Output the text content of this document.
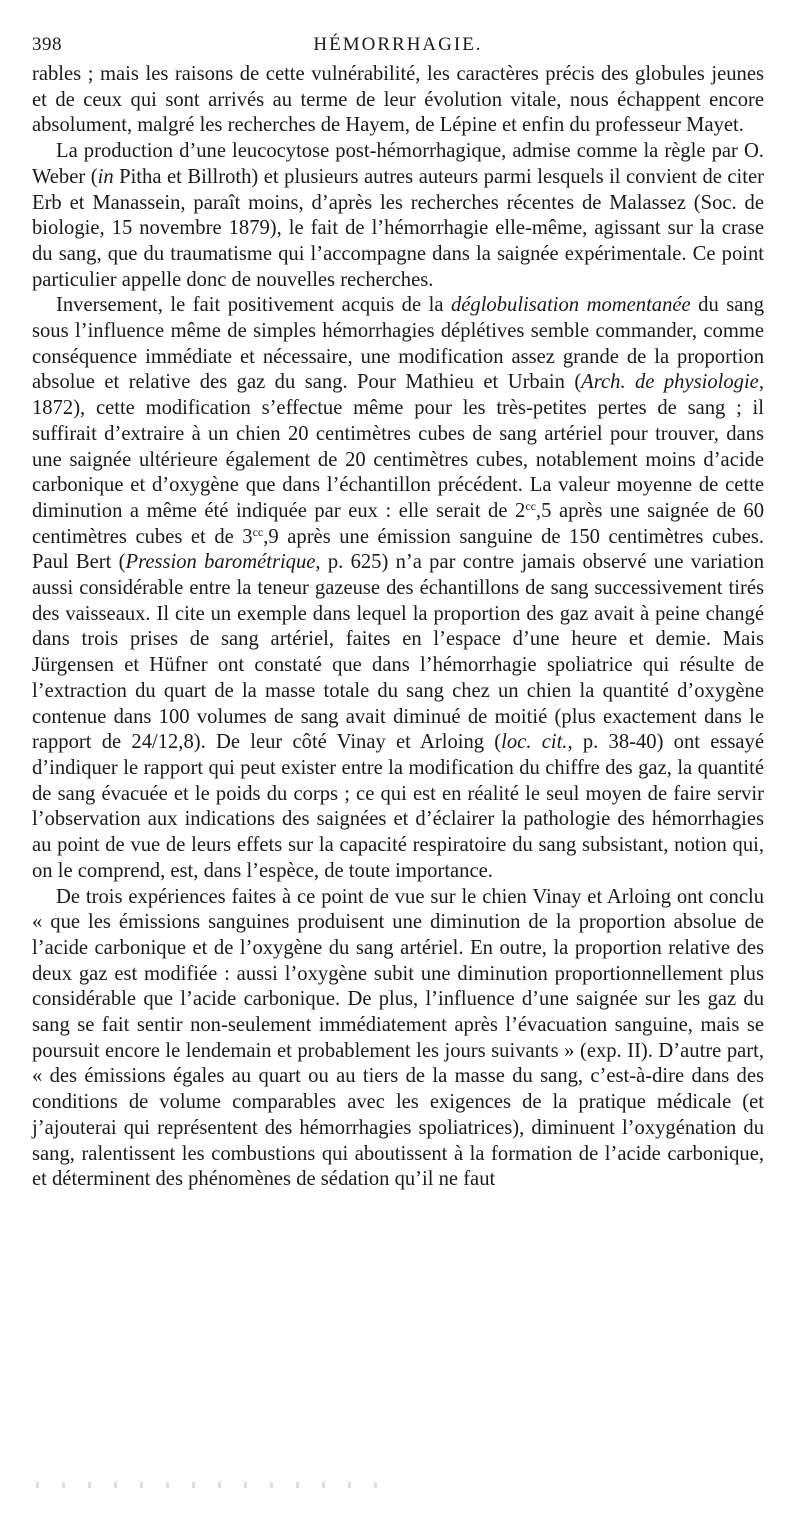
398	HÉMORRHAGIE.

rables ; mais les raisons de cette vulnérabilité, les caractères précis des globules jeunes et de ceux qui sont arrivés au terme de leur évolution vitale, nous échappent encore absolument, malgré les recherches de Hayem, de Lépine et enfin du professeur Mayet.

La production d’une leucocytose post-hémorrhagique, admise comme la règle par O. Weber (in Pitha et Billroth) et plusieurs autres auteurs parmi lesquels il convient de citer Erb et Manassein, paraît moins, d’après les recherches récentes de Malassez (Soc. de biologie, 15 novembre 1879), le fait de l’hémorrhagie elle-même, agissant sur la crase du sang, que du traumatisme qui l’accompagne dans la saignée expérimentale. Ce point particulier appelle donc de nouvelles recherches.

Inversement, le fait positivement acquis de la déglobulisation momentanée du sang sous l’influence même de simples hémorrhagies déplétives semble commander, comme conséquence immédiate et nécessaire, une modification assez grande de la proportion absolue et relative des gaz du sang. Pour Mathieu et Urbain (Arch. de physiologie, 1872), cette modification s’effectue même pour les très-petites pertes de sang ; il suffirait d’extraire à un chien 20 centimètres cubes de sang artériel pour trouver, dans une saignée ultérieure également de 20 centimètres cubes, notablement moins d’acide carbonique et d’oxygène que dans l’échantillon précédent. La valeur moyenne de cette diminution a même été indiquée par eux : elle serait de $2^{cc},5$ après une saignée de 60 centimètres cubes et de $3^{cc},9$ après une émission sanguine de 150 centimètres cubes. Paul Bert (Pression barométrique, p. 625) n’a par contre jamais observé une variation aussi considérable entre la teneur gazeuse des échantillons de sang successivement tirés des vaisseaux. Il cite un exemple dans lequel la proportion des gaz avait à peine changé dans trois prises de sang artériel, faites en l’espace d’une heure et demie. Mais Jürgensen et Hüfner ont constaté que dans l’hémorrhagie spoliatrice qui résulte de l’extraction du quart de la masse totale du sang chez un chien la quantité d’oxygène contenue dans 100 volumes de sang avait diminué de moitié (plus exactement dans le rapport de 24/12,8). De leur côté Vinay et Arloing (loc. cit., p. 38-40) ont essayé d’indiquer le rapport qui peut exister entre la modification du chiffre des gaz, la quantité de sang évacuée et le poids du corps ; ce qui est en réalité le seul moyen de faire servir l’observation aux indications des saignées et d’éclairer la pathologie des hémorrhagies au point de vue de leurs effets sur la capacité respiratoire du sang subsistant, notion qui, on le comprend, est, dans l’espèce, de toute importance.

De trois expériences faites à ce point de vue sur le chien Vinay et Arloing ont conclu « que les émissions sanguines produisent une diminution de la proportion absolue de l’acide carbonique et de l’oxygène du sang artériel. En outre, la proportion relative des deux gaz est modifiée : aussi l’oxygène subit une diminution proportionnellement plus considérable que l’acide carbonique. De plus, l’influence d’une saignée sur les gaz du sang se fait sentir non-seulement immédiatement après l’évacuation sanguine, mais se poursuit encore le lendemain et probablement les jours suivants » (exp. II). D’autre part, « des émissions égales au quart ou au tiers de la masse du sang, c’est-à-dire dans des conditions de volume comparables avec les exigences de la pratique médicale (et j’ajouterai qui représentent des hémorrhagies spoliatrices), diminuent l’oxygénation du sang, ralentissent les combustions qui aboutissent à la formation de l’acide carbonique, et déterminent des phénomènes de sédation qu’il ne faut
